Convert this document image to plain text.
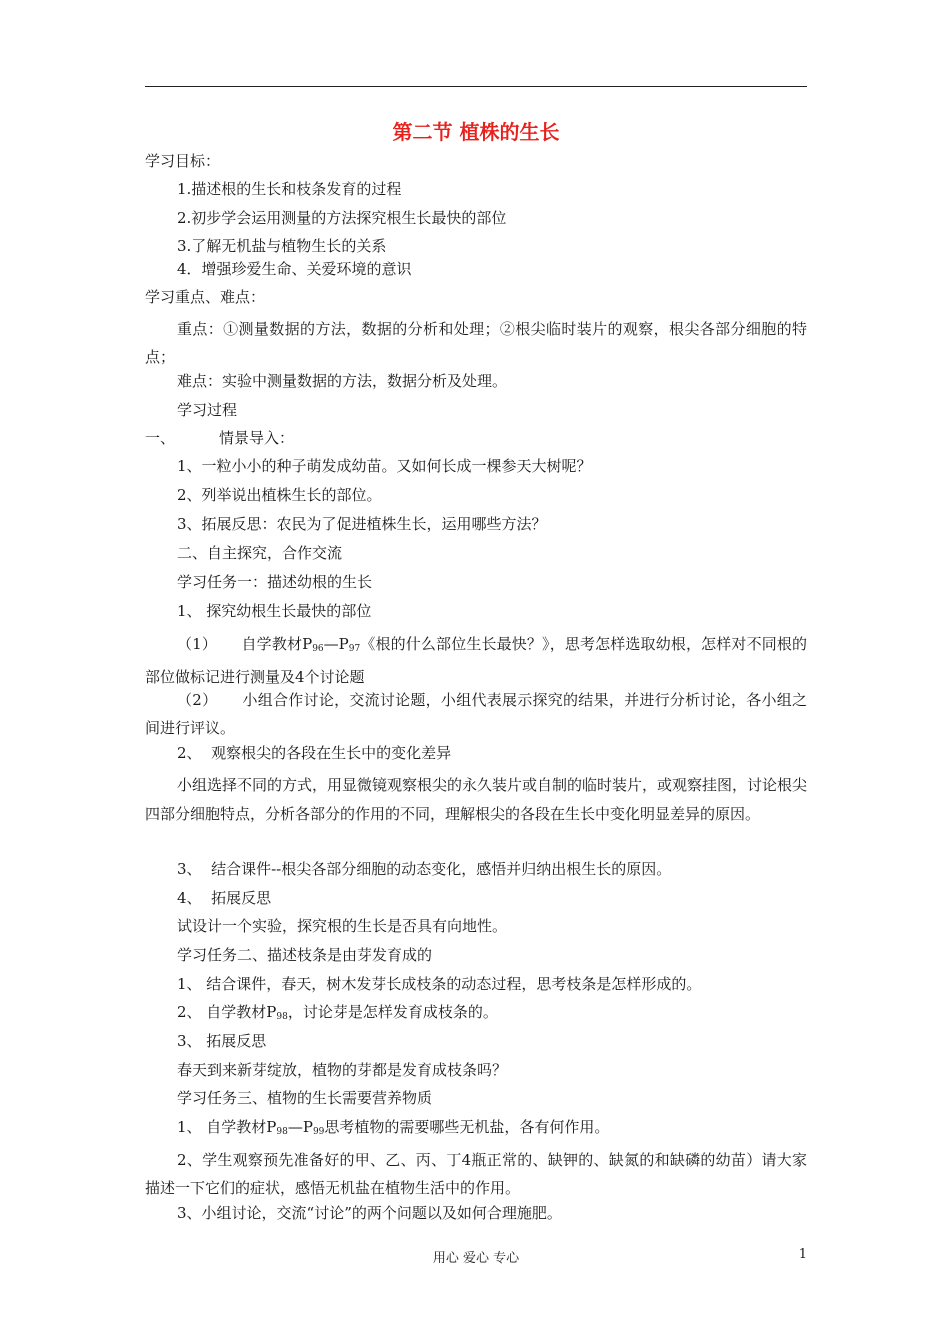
第二节 植株的生长
学习目标：
1.描述根的生长和枝条发育的过程
2.初步学会运用测量的方法探究根生长最快的部位
3.了解无机盐与植物生长的关系
4．增强珍爱生命、关爱环境的意识
学习重点、难点：
重点：①测量数据的方法，数据的分析和处理；②根尖临时装片的观察，根尖各部分细胞的特点；
难点：实验中测量数据的方法，数据分析及处理。
学习过程
一、	情景导入：
1、一粒小小的种子萌发成幼苗。又如何长成一棵参天大树呢？
2、列举说出植株生长的部位。
3、拓展反思：农民为了促进植株生长，运用哪些方法？
二、自主探究，合作交流
学习任务一：描述幼根的生长
1、 探究幼根生长最快的部位
（1）     自学教材$P_{96}—P_{97}$《根的什么部位生长最快？》，思考怎样选取幼根，怎样对不同根的部位做标记进行测量及4个讨论题
（2）     小组合作讨论，交流讨论题，小组代表展示探究的结果，并进行分析讨论，各小组之间进行评议。
2、  观察根尖的各段在生长中的变化差异
小组选择不同的方式，用显微镜观察根尖的永久装片或自制的临时装片，或观察挂图，讨论根尖四部分细胞特点，分析各部分的作用的不同，理解根尖的各段在生长中变化明显差异的原因。
3、  结合课件--根尖各部分细胞的动态变化，感悟并归纳出根生长的原因。
4、  拓展反思
试设计一个实验，探究根的生长是否具有向地性。
学习任务二、描述枝条是由芽发育成的
1、 结合课件，春天，树木发芽长成枝条的动态过程，思考枝条是怎样形成的。
2、 自学教材$P_{98}$，讨论芽是怎样发育成枝条的。
3、 拓展反思
春天到来新芽绽放，植物的芽都是发育成枝条吗？
学习任务三、植物的生长需要营养物质
1、 自学教材$P_{98}—P_{99}$思考植物的需要哪些无机盐，各有何作用。
2、学生观察预先准备好的甲、乙、丙、丁4瓶正常的、缺钾的、缺氮的和缺磷的幼苗）请大家描述一下它们的症状，感悟无机盐在植物生活中的作用。
3、小组讨论，交流“讨论”的两个问题以及如何合理施肥。
用心 爱心 专心	1
